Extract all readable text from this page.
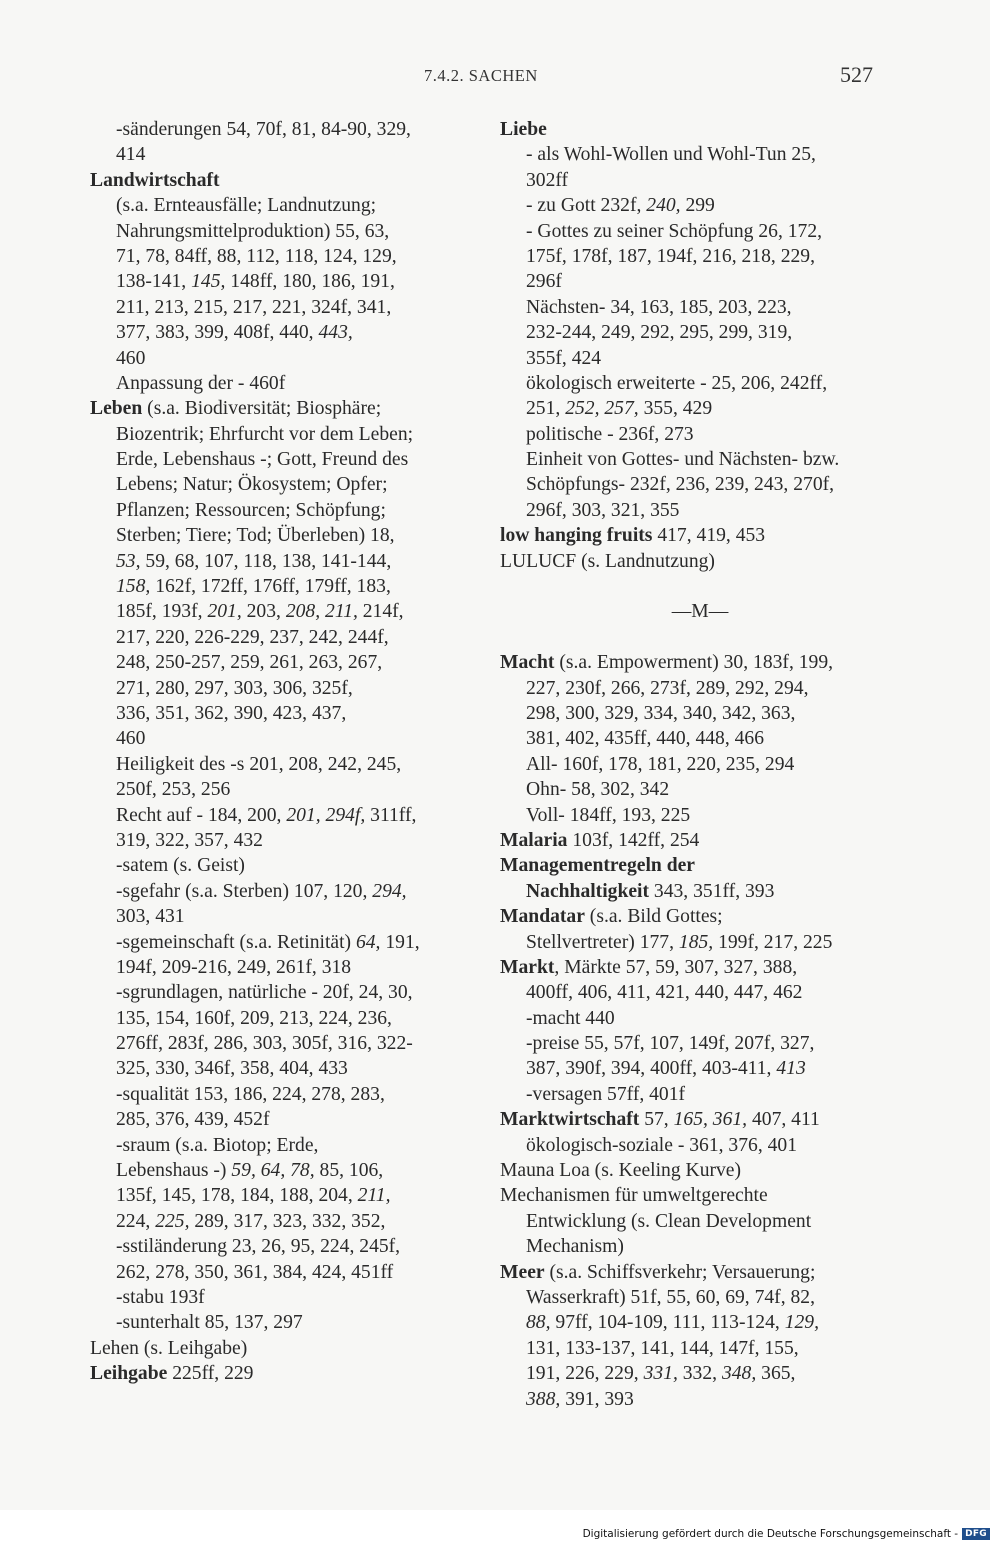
7.4.2. SACHEN	527
-sänderungen 54, 70f, 81, 84-90, 329,
414
Landwirtschaft
(s.a. Ernteausfälle; Landnutzung;
Nahrungsmittelproduktion) 55, 63,
71, 78, 84ff, 88, 112, 118, 124, 129,
138-141, 145, 148ff, 180, 186, 191,
211, 213, 215, 217, 221, 324f, 341,
377, 383, 399, 408f, 440, 443,
460
Anpassung der - 460f
Leben (s.a. Biodiversität; Biosphäre;
Biozentrik; Ehrfurcht vor dem Leben;
Erde, Lebenshaus -; Gott, Freund des
Lebens; Natur; Ökosystem; Opfer;
Pflanzen; Ressourcen; Schöpfung;
Sterben; Tiere; Tod; Überleben) 18,
53, 59, 68, 107, 118, 138, 141-144,
158, 162f, 172ff, 176ff, 179ff, 183,
185f, 193f, 201, 203, 208, 211, 214f,
217, 220, 226-229, 237, 242, 244f,
248, 250-257, 259, 261, 263, 267,
271, 280, 297, 303, 306, 325f,
336, 351, 362, 390, 423, 437,
460
Heiligkeit des -s 201, 208, 242, 245,
250f, 253, 256
Recht auf - 184, 200, 201, 294f, 311ff,
319, 322, 357, 432
-satem (s. Geist)
-sgefahr (s.a. Sterben) 107, 120, 294,
303, 431
-sgemeinschaft (s.a. Retinität) 64, 191,
194f, 209-216, 249, 261f, 318
-sgrundlagen, natürliche - 20f, 24, 30,
135, 154, 160f, 209, 213, 224, 236,
276ff, 283f, 286, 303, 305f, 316, 322-
325, 330, 346f, 358, 404, 433
-squalität 153, 186, 224, 278, 283,
285, 376, 439, 452f
-sraum (s.a. Biotop; Erde,
Lebenshaus -) 59, 64, 78, 85, 106,
135f, 145, 178, 184, 188, 204, 211,
224, 225, 289, 317, 323, 332, 352,
-sstiländerung 23, 26, 95, 224, 245f,
262, 278, 350, 361, 384, 424, 451ff
-stabu 193f
-sunterhalt 85, 137, 297
Lehen (s. Leihgabe)
Leihgabe 225ff, 229
Liebe
- als Wohl-Wollen und Wohl-Tun 25,
302ff
- zu Gott 232f, 240, 299
- Gottes zu seiner Schöpfung 26, 172,
175f, 178f, 187, 194f, 216, 218, 229,
296f
Nächsten- 34, 163, 185, 203, 223,
232-244, 249, 292, 295, 299, 319,
355f, 424
ökologisch erweiterte - 25, 206, 242ff,
251, 252, 257, 355, 429
politische - 236f, 273
Einheit von Gottes- und Nächsten- bzw.
Schöpfungs- 232f, 236, 239, 243, 270f,
296f, 303, 321, 355
low hanging fruits 417, 419, 453
LULUCF (s. Landnutzung)
—M—
Macht (s.a. Empowerment) 30, 183f, 199,
227, 230f, 266, 273f, 289, 292, 294,
298, 300, 329, 334, 340, 342, 363,
381, 402, 435ff, 440, 448, 466
All- 160f, 178, 181, 220, 235, 294
Ohn- 58, 302, 342
Voll- 184ff, 193, 225
Malaria 103f, 142ff, 254
Managementregeln der
Nachhaltigkeit 343, 351ff, 393
Mandatar (s.a. Bild Gottes;
Stellvertreter) 177, 185, 199f, 217, 225
Markt, Märkte 57, 59, 307, 327, 388,
400ff, 406, 411, 421, 440, 447, 462
-macht 440
-preise 55, 57f, 107, 149f, 207f, 327,
387, 390f, 394, 400ff, 403-411, 413
-versagen 57ff, 401f
Marktwirtschaft 57, 165, 361, 407, 411
ökologisch-soziale - 361, 376, 401
Mauna Loa (s. Keeling Kurve)
Mechanismen für umweltgerechte
Entwicklung (s. Clean Development
Mechanism)
Meer (s.a. Schiffsverkehr; Versauerung;
Wasserkraft) 51f, 55, 60, 69, 74f, 82,
88, 97ff, 104-109, 111, 113-124, 129,
131, 133-137, 141, 144, 147f, 155,
191, 226, 229, 331, 332, 348, 365,
388, 391, 393
Digitalisierung gefördert durch die Deutsche Forschungsgemeinschaft - DFG
